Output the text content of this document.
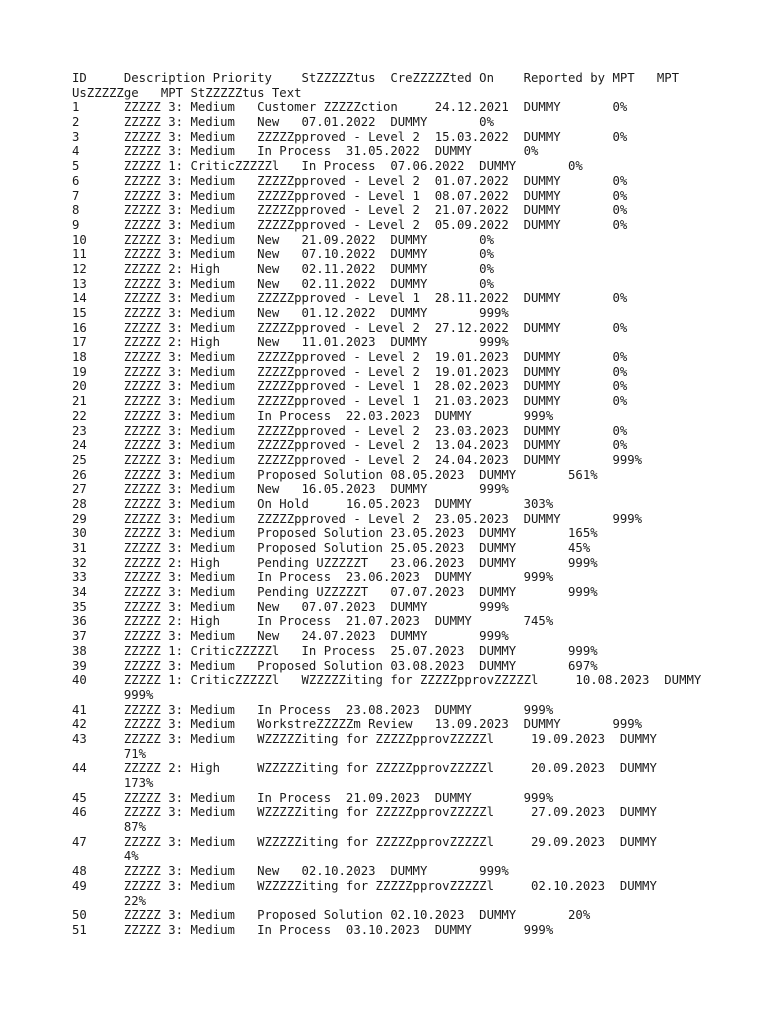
ID     Description Priority    StZZZZZtus  CreZZZZZted On    Reported by MPT   MPT
UsZZZZZge   MPT StZZZZZtus Text
1      ZZZZZ 3: Medium   Customer ZZZZZction     24.12.2021  DUMMY       0%
2      ZZZZZ 3: Medium   New   07.01.2022  DUMMY       0%
3      ZZZZZ 3: Medium   ZZZZZpproved - Level 2  15.03.2022  DUMMY       0%
4      ZZZZZ 3: Medium   In Process  31.05.2022  DUMMY       0%
5      ZZZZZ 1: CriticZZZZZl   In Process  07.06.2022  DUMMY       0%
6      ZZZZZ 3: Medium   ZZZZZpproved - Level 2  01.07.2022  DUMMY       0%
7      ZZZZZ 3: Medium   ZZZZZpproved - Level 1  08.07.2022  DUMMY       0%
8      ZZZZZ 3: Medium   ZZZZZpproved - Level 2  21.07.2022  DUMMY       0%
9      ZZZZZ 3: Medium   ZZZZZpproved - Level 2  05.09.2022  DUMMY       0%
10     ZZZZZ 3: Medium   New   21.09.2022  DUMMY       0%
11     ZZZZZ 3: Medium   New   07.10.2022  DUMMY       0%
12     ZZZZZ 2: High     New   02.11.2022  DUMMY       0%
13     ZZZZZ 3: Medium   New   02.11.2022  DUMMY       0%
14     ZZZZZ 3: Medium   ZZZZZpproved - Level 1  28.11.2022  DUMMY       0%
15     ZZZZZ 3: Medium   New   01.12.2022  DUMMY       999%
16     ZZZZZ 3: Medium   ZZZZZpproved - Level 2  27.12.2022  DUMMY       0%
17     ZZZZZ 2: High     New   11.01.2023  DUMMY       999%
18     ZZZZZ 3: Medium   ZZZZZpproved - Level 2  19.01.2023  DUMMY       0%
19     ZZZZZ 3: Medium   ZZZZZpproved - Level 2  19.01.2023  DUMMY       0%
20     ZZZZZ 3: Medium   ZZZZZpproved - Level 1  28.02.2023  DUMMY       0%
21     ZZZZZ 3: Medium   ZZZZZpproved - Level 1  21.03.2023  DUMMY       0%
22     ZZZZZ 3: Medium   In Process  22.03.2023  DUMMY       999%
23     ZZZZZ 3: Medium   ZZZZZpproved - Level 2  23.03.2023  DUMMY       0%
24     ZZZZZ 3: Medium   ZZZZZpproved - Level 2  13.04.2023  DUMMY       0%
25     ZZZZZ 3: Medium   ZZZZZpproved - Level 2  24.04.2023  DUMMY       999%
26     ZZZZZ 3: Medium   Proposed Solution 08.05.2023  DUMMY       561%
27     ZZZZZ 3: Medium   New   16.05.2023  DUMMY       999%
28     ZZZZZ 3: Medium   On Hold     16.05.2023  DUMMY       303%
29     ZZZZZ 3: Medium   ZZZZZpproved - Level 2  23.05.2023  DUMMY       999%
30     ZZZZZ 3: Medium   Proposed Solution 23.05.2023  DUMMY       165%
31     ZZZZZ 3: Medium   Proposed Solution 25.05.2023  DUMMY       45%
32     ZZZZZ 2: High     Pending UZZZZZT   23.06.2023  DUMMY       999%
33     ZZZZZ 3: Medium   In Process  23.06.2023  DUMMY       999%
34     ZZZZZ 3: Medium   Pending UZZZZZT   07.07.2023  DUMMY       999%
35     ZZZZZ 3: Medium   New   07.07.2023  DUMMY       999%
36     ZZZZZ 2: High     In Process  21.07.2023  DUMMY       745%
37     ZZZZZ 3: Medium   New   24.07.2023  DUMMY       999%
38     ZZZZZ 1: CriticZZZZZl   In Process  25.07.2023  DUMMY       999%
39     ZZZZZ 3: Medium   Proposed Solution 03.08.2023  DUMMY       697%
40     ZZZZZ 1: CriticZZZZZl   WZZZZZiting for ZZZZZpprovZZZZZl     10.08.2023  DUMMY
999%
41     ZZZZZ 3: Medium   In Process  23.08.2023  DUMMY       999%
42     ZZZZZ 3: Medium   WorkstreZZZZZm Review   13.09.2023  DUMMY       999%
43     ZZZZZ 3: Medium   WZZZZZiting for ZZZZZpprovZZZZZl     19.09.2023  DUMMY
71%
44     ZZZZZ 2: High     WZZZZZiting for ZZZZZpprovZZZZZl     20.09.2023  DUMMY
173%
45     ZZZZZ 3: Medium   In Process  21.09.2023  DUMMY       999%
46     ZZZZZ 3: Medium   WZZZZZiting for ZZZZZpprovZZZZZl     27.09.2023  DUMMY
87%
47     ZZZZZ 3: Medium   WZZZZZiting for ZZZZZpprovZZZZZl     29.09.2023  DUMMY
4%
48     ZZZZZ 3: Medium   New   02.10.2023  DUMMY       999%
49     ZZZZZ 3: Medium   WZZZZZiting for ZZZZZpprovZZZZZl     02.10.2023  DUMMY
22%
50     ZZZZZ 3: Medium   Proposed Solution 02.10.2023  DUMMY       20%
51     ZZZZZ 3: Medium   In Process  03.10.2023  DUMMY       999%
